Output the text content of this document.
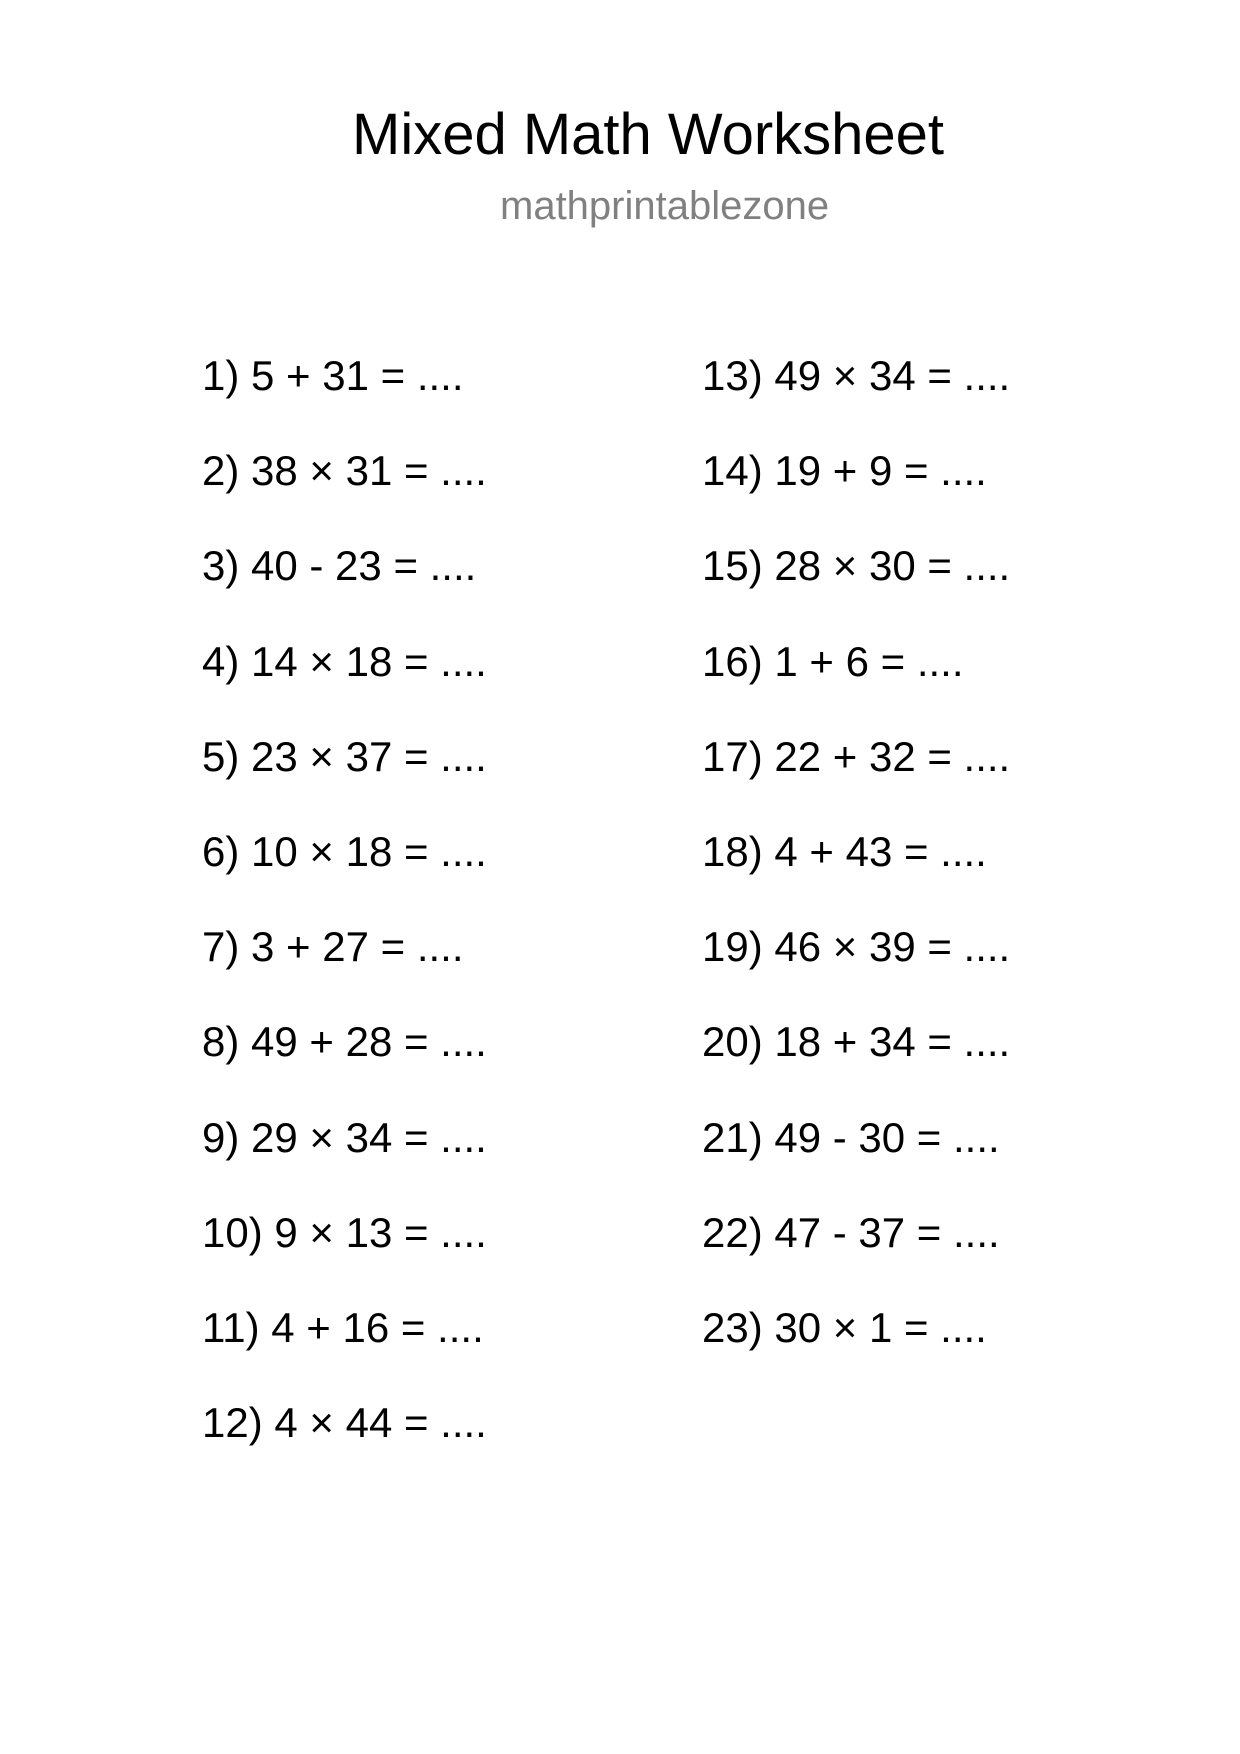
Mixed Math Worksheet
mathprintablezone
1) 5 + 31 = ....
2) 38 × 31 = ....
3) 40 - 23 = ....
4) 14 × 18 = ....
5) 23 × 37 = ....
6) 10 × 18 = ....
7) 3 + 27 = ....
8) 49 + 28 = ....
9) 29 × 34 = ....
10) 9 × 13 = ....
11) 4 + 16 = ....
12) 4 × 44 = ....
13) 49 × 34 = ....
14) 19 + 9 = ....
15) 28 × 30 = ....
16) 1 + 6 = ....
17) 22 + 32 = ....
18) 4 + 43 = ....
19) 46 × 39 = ....
20) 18 + 34 = ....
21) 49 - 30 = ....
22) 47 - 37 = ....
23) 30 × 1 = ....
